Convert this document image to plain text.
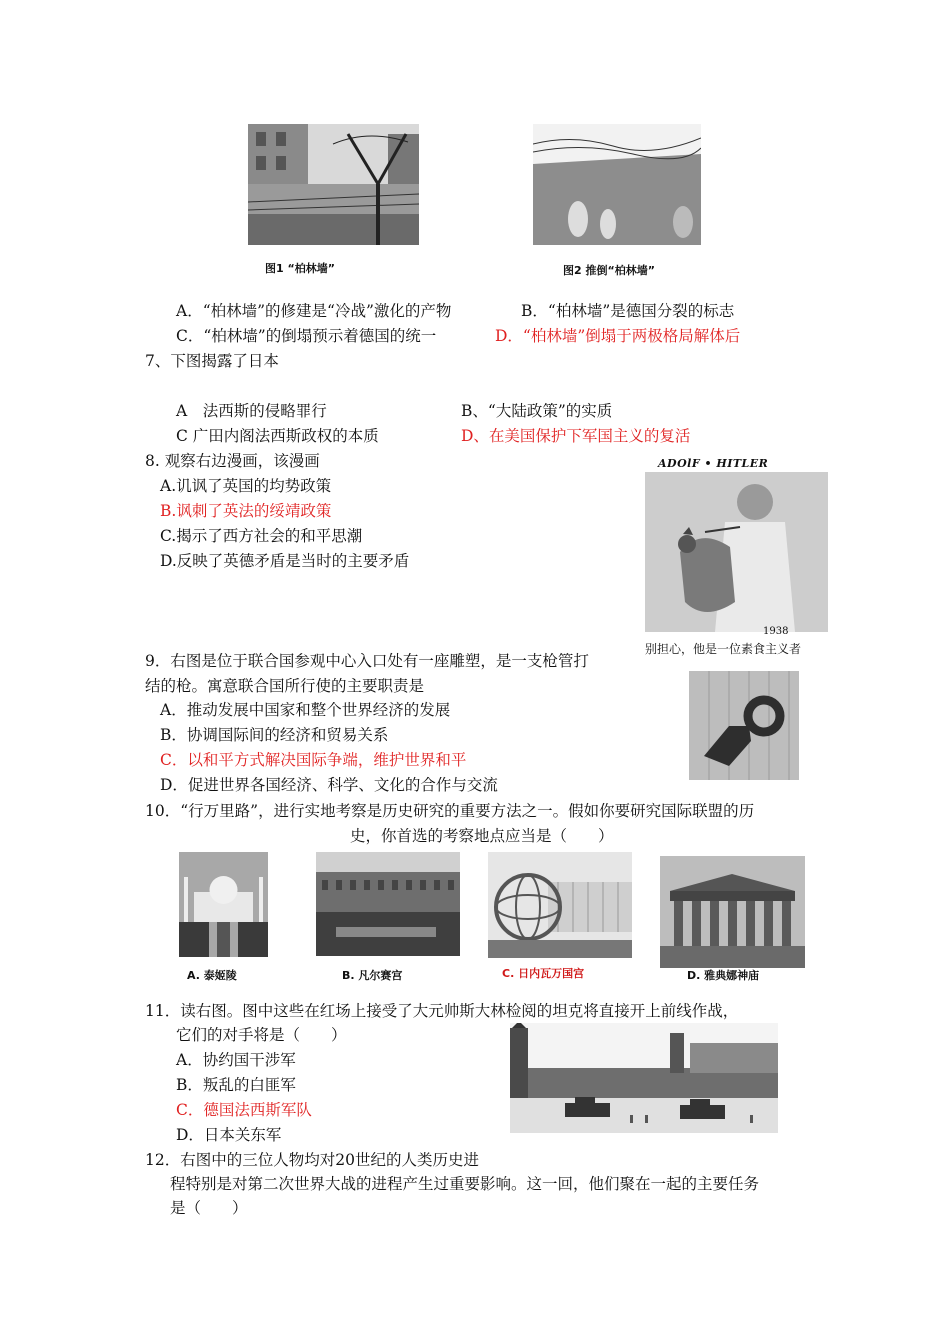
图1 “柏林墙”	图2 推倒“柏林墙”
A．“柏林墙”的修建是“冷战”激化的产物	B．“柏林墙”是德国分裂的标志
C．“柏林墙”的倒塌预示着德国的统一	D．“柏林墙”倒塌于两极格局解体后
7、下图揭露了日本
A　法西斯的侵略罪行	B、“大陆政策”的实质
C 广田内阁法西斯政权的本质	D、在美国保护下军国主义的复活
8. 观察右边漫画，该漫画
A.讥讽了英国的均势政策
B.讽刺了英法的绥靖政策
C.揭示了西方社会的和平思潮
D.反映了英德矛盾是当时的主要矛盾
ADOlF • HITLER
1938
别担心，他是一位素食主义者
9．右图是位于联合国参观中心入口处有一座雕塑，是一支枪管打
结的枪。寓意联合国所行使的主要职责是
A．推动发展中国家和整个世界经济的发展
B．协调国际间的经济和贸易关系
C．以和平方式解决国际争端，维护世界和平
D．促进世界各国经济、科学、文化的合作与交流
10．“行万里路”，进行实地考察是历史研究的重要方法之一。假如你要研究国际联盟的历
史，你首选的考察地点应当是（　　）
A. 泰姬陵	B. 凡尔赛宫	C. 日内瓦万国宫	D. 雅典娜神庙
11．读右图。图中这些在红场上接受了大元帅斯大林检阅的坦克将直接开上前线作战，
它们的对手将是（　　）
A．协约国干涉军
B．叛乱的白匪军
C．德国法西斯军队
D．日本关东军
12．右图中的三位人物均对20世纪的人类历史进
程特别是对第二次世界大战的进程产生过重要影响。这一回，他们聚在一起的主要任务
是（　　）
